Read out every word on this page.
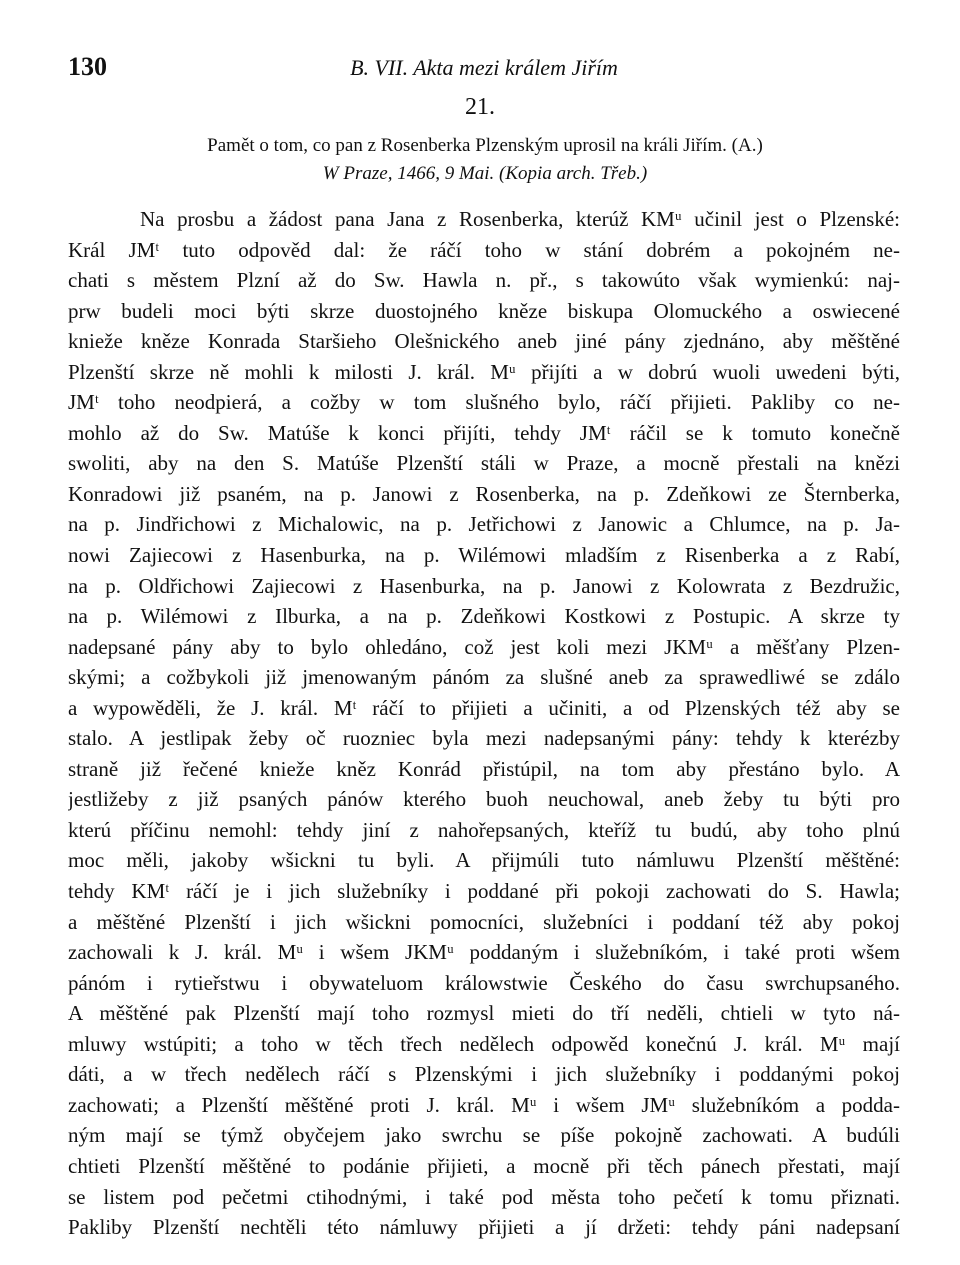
130	B. VII. Akta mezi králem Jiřím
21.
Pamět o tom, co pan z Rosenberka Plzenským uprosil na králi Jiřím. (A.)
W Praze, 1466, 9 Mai. (Kopia arch. Třeb.)
Na prosbu a žádost pana Jana z Rosenberka, kterúž KMᵘ učinil jest o Plzenské:
Král JMᵗ tuto odpověd dal: že ráčí toho w stání dobrém a pokojném ne-
chati s městem Plzní až do Sw. Hawla n. př., s takowúto však wymienkú: naj-
prw budeli moci býti skrze duostojného kněze biskupa Olomuckého a oswiecené
knieže kněze Konrada Staršieho Olešnického aneb jiné pány zjednáno, aby měštěné
Plzenští skrze ně mohli k milosti J. král. Mᵘ přijíti a w dobrú wuoli uwedeni býti,
JMᵗ toho neodpierá, a cožby w tom slušného bylo, ráčí přijieti. Pakliby co ne-
mohlo až do Sw. Matúše k konci přijíti, tehdy JMᵗ ráčil se k tomuto konečně
swoliti, aby na den S. Matúše Plzenští stáli w Praze, a mocně přestali na knězi
Konradowi již psaném, na p. Janowi z Rosenberka, na p. Zdeňkowi ze Šternberka,
na p. Jindřichowi z Michalowic, na p. Jetřichowi z Janowic a Chlumce, na p. Ja-
nowi Zajiecowi z Hasenburka, na p. Wilémowi mladším z Risenberka a z Rabí,
na p. Oldřichowi Zajiecowi z Hasenburka, na p. Janowi z Kolowrata z Bezdružic,
na p. Wilémowi z Ilburka, a na p. Zdeňkowi Kostkowi z Postupic. A skrze ty
nadepsané pány aby to bylo ohledáno, což jest koli mezi JKMᵘ a měšťany Plzen-
skými; a cožbykoli již jmenowaným pánóm za slušné aneb za sprawedliwé se zdálo
a wypowěděli, že J. král. Mᵗ ráčí to přijieti a učiniti, a od Plzenských též aby se
stalo. A jestlipak žeby oč ruozniec byla mezi nadepsanými pány: tehdy k kterézby
straně již řečené knieže kněz Konrád přistúpil, na tom aby přestáno bylo. A
jestližeby z již psaných pánów kterého buoh neuchowal, aneb žeby tu býti pro
kterú příčinu nemohl: tehdy jiní z nahořepsaných, kteříž tu budú, aby toho plnú
moc měli, jakoby wšickni tu byli. A přijmúli tuto námluwu Plzenští měštěné:
tehdy KMᵗ ráčí je i jich služebníky i poddané při pokoji zachowati do S. Hawla;
a měštěné Plzenští i jich wšickni pomocníci, služebníci i poddaní též aby pokoj
zachowali k J. král. Mᵘ i wšem JKMᵘ poddaným i služebníkóm, i také proti wšem
pánóm i rytieřstwu i obywateluom králowstwie Českého do času swrchupsaného.
A měštěné pak Plzenští mají toho rozmysl mieti do tří neděli, chtieli w tyto ná-
mluwy wstúpiti; a toho w těch třech nedělech odpowěd konečnú J. král. Mᵘ mají
dáti, a w třech nedělech ráčí s Plzenskými i jich služebníky i poddanými pokoj
zachowati; a Plzenští měštěné proti J. král. Mᵘ i wšem JMᵘ služebníkóm a podda-
ným mají se týmž obyčejem jako swrchu se píše pokojně zachowati. A budúli
chtieti Plzenští měštěné to podánie přijieti, a mocně při těch pánech přestati, mají
se listem pod pečetmi ctihodnými, i také pod města toho pečetí k tomu přiznati.
Pakliby Plzenští nechtěli této námluwy přijieti a jí držeti: tehdy páni nadepsaní
